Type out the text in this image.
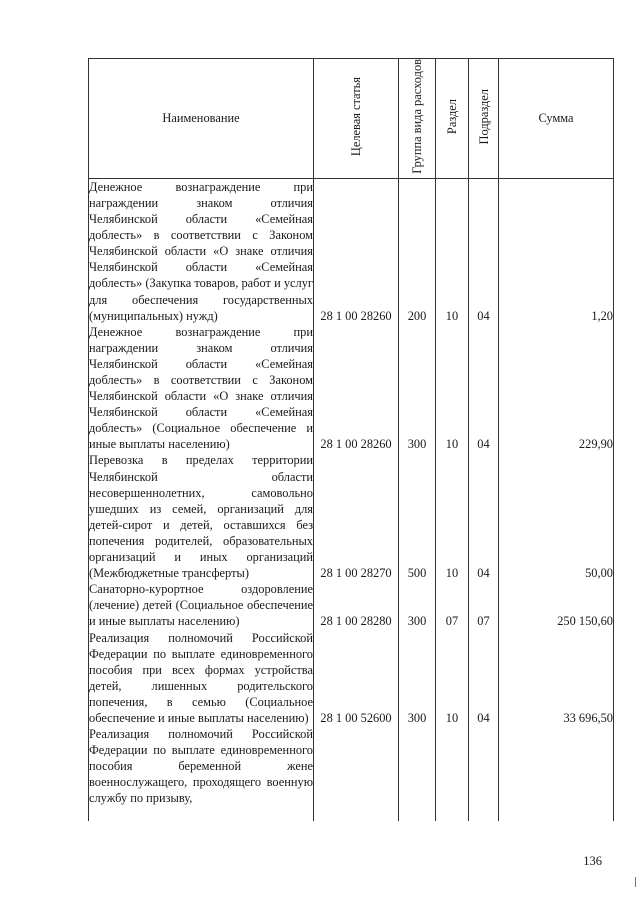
Наименование	Целевая статья	Группа вида расходов	Раздел	Подраздел	Сумма
Денежное вознаграждение при награждении знаком отличия Челябинской области «Семейная доблесть» в соответствии с Законом Челябинской области «О знаке отличия Челябинской области «Семейная доблесть» (Закупка товаров, работ и услуг для обеспечения государственных (муниципальных) нужд)	28 1 00 28260	200	10	04	1,20
Денежное вознаграждение при награждении знаком отличия Челябинской области «Семейная доблесть» в соответствии с Законом Челябинской области «О знаке отличия Челябинской области «Семейная доблесть» (Социальное обеспечение и иные выплаты населению)	28 1 00 28260	300	10	04	229,90
Перевозка в пределах территории Челябинской области несовершеннолетних, самовольно ушедших из семей, организаций для детей-сирот и детей, оставшихся без попечения родителей, образовательных организаций и иных организаций (Межбюджетные трансферты)	28 1 00 28270	500	10	04	50,00
Санаторно-курортное оздоровление (лечение) детей (Социальное обеспечение и иные выплаты населению)	28 1 00 28280	300	07	07	250 150,60
Реализация полномочий Российской Федерации по выплате единовременного пособия при всех формах устройства детей, лишенных родительского попечения, в семью (Социальное обеспечение и иные выплаты населению)	28 1 00 52600	300	10	04	33 696,50
Реализация полномочий Российской Федерации по выплате единовременного пособия беременной жене военнослужащего, проходящего военную службу по призыву,					
136
